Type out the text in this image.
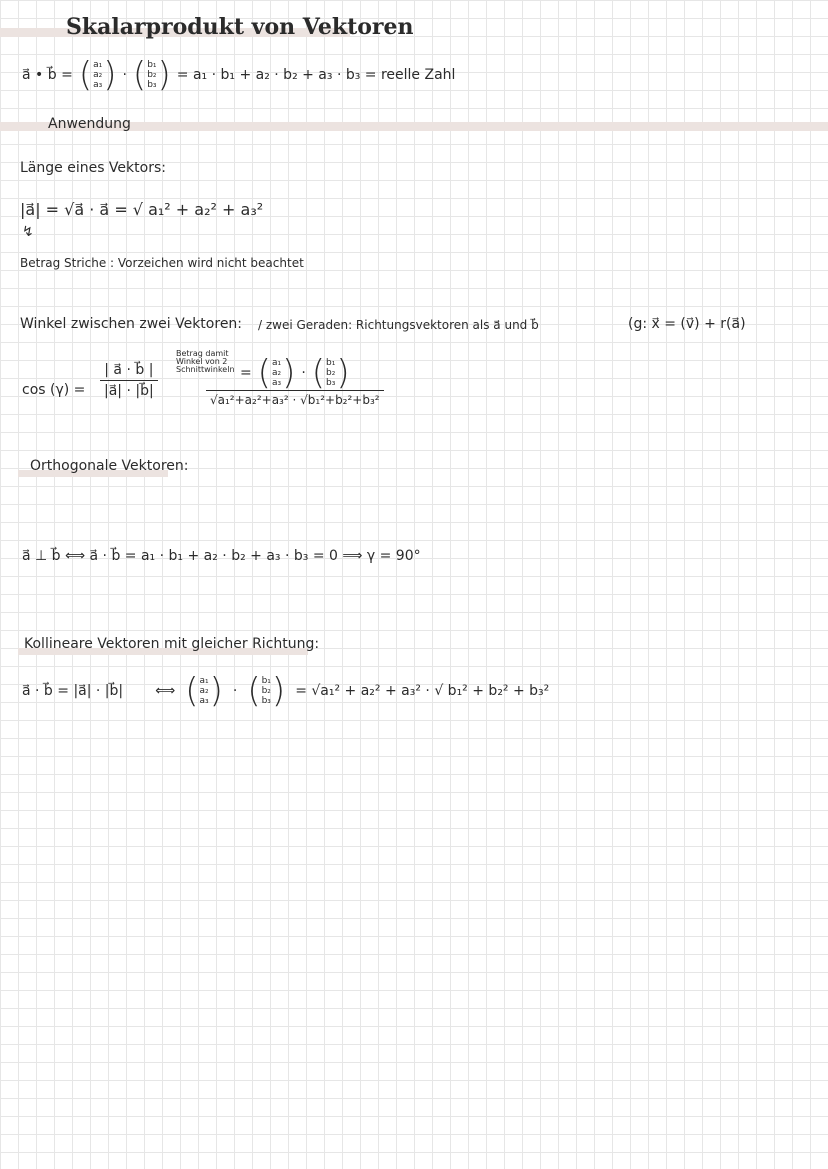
Skalarprodukt von Vektoren
a⃗ • b⃗ = ( a₁
a₂
a₃ ) · ( b₁
b₂
b₃ ) = a₁ · b₁ + a₂ · b₂ + a₃ · b₃ = reelle Zahl
Anwendung
Länge eines Vektors:
|a⃗| = √a⃗ · a⃗ = √ a₁² + a₂² + a₃²
↯
Betrag Striche : Vorzeichen wird nicht beachtet
Winkel zwischen zwei Vektoren: / zwei Geraden: Richtungsvektoren als a⃗ und b⃗	(g: x⃗ = (v⃗) + r(a⃗)
$\cos (\gamma) = \frac{| a⃗ \cdot b⃗ |}{|a⃗| \cdot |b⃗|}$
Betrag damit Winkel von 2 Schnittwinkeln = ( a₁
a₂
a₃ ) · ( b₁
b₂
b₃ )
√a₁²+a₂²+a₃² · √b₁²+b₂²+b₃²
Orthogonale Vektoren:
a⃗ ⊥ b⃗ ⟺ a⃗ · b⃗ = a₁ · b₁ + a₂ · b₂ + a₃ · b₃ = 0 ⟹ γ = 90°
Kollineare Vektoren mit gleicher Richtung:
a⃗ · b⃗ = |a⃗| · |b⃗| ⟺ ( a₁
a₂
a₃ ) · ( b₁
b₂
b₃ ) = √a₁² + a₂² + a₃² · √ b₁² + b₂² + b₃²
